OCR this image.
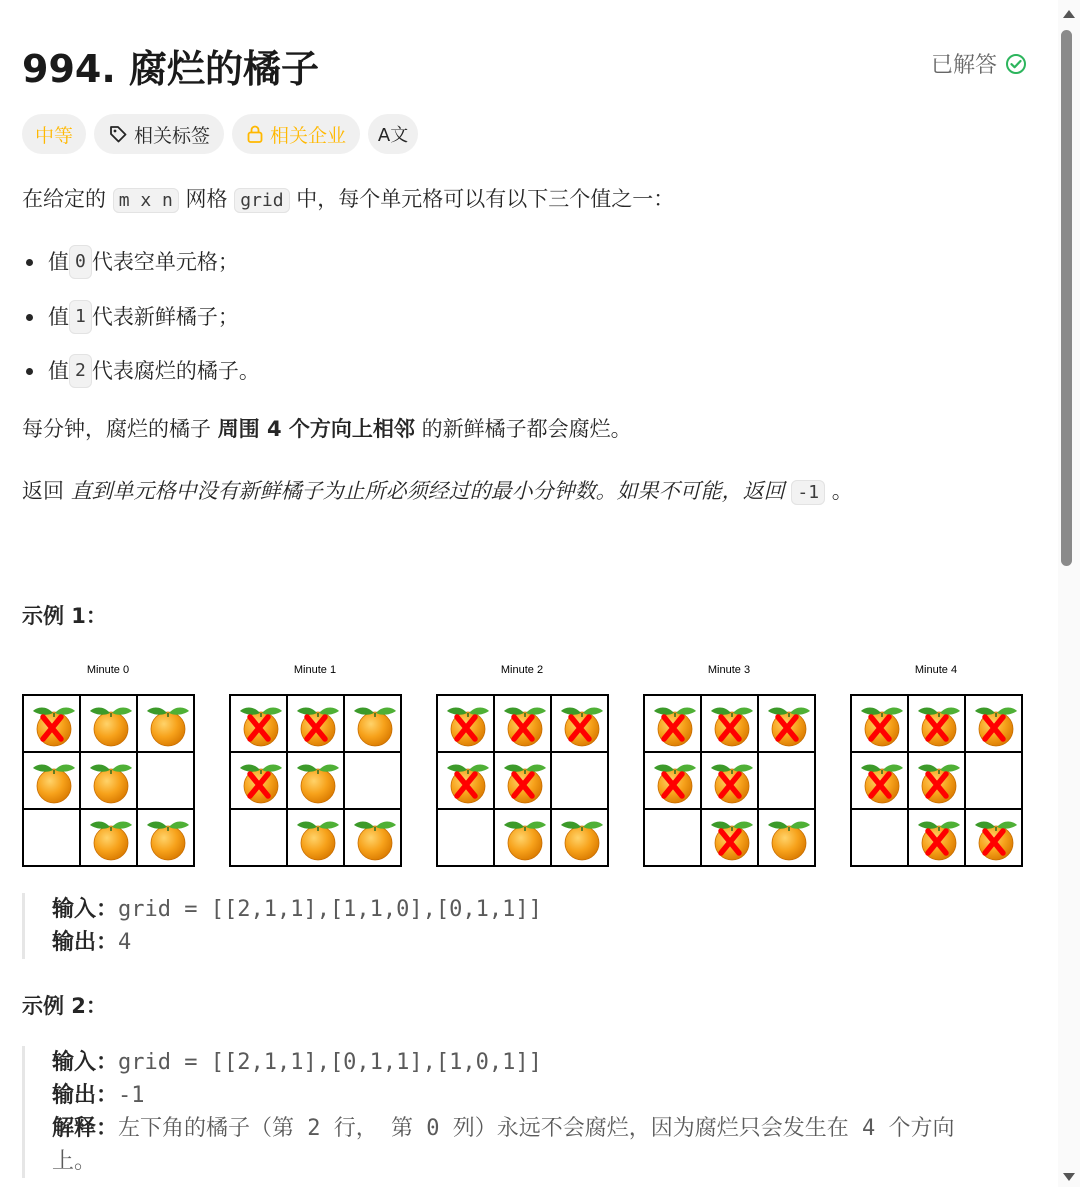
994. 腐烂的橘子	已解答
中等	相关标签	相关企业 A文
在给定的 m x n 网格 grid 中，每个单元格可以有以下三个值之一：
值 0 代表空单元格；
值 1 代表新鲜橘子；
值 2 代表腐烂的橘子。
每分钟，腐烂的橘子 周围 4 个方向上相邻 的新鲜橘子都会腐烂。
返回 直到单元格中没有新鲜橘子为止所必须经过的最小分钟数。如果不可能，返回 -1 。
示例 1：
Minute 0	Minute 1	Minute 2	Minute 3	Minute 4
输入：grid = [[2,1,1],[1,1,0],[0,1,1]]
输出：4
示例 2：
输入：grid = [[2,1,1],[0,1,1],[1,0,1]]
输出：-1
解释：左下角的橘子（第 2 行， 第 0 列）永远不会腐烂，因为腐烂只会发生在 4 个方向
上。
